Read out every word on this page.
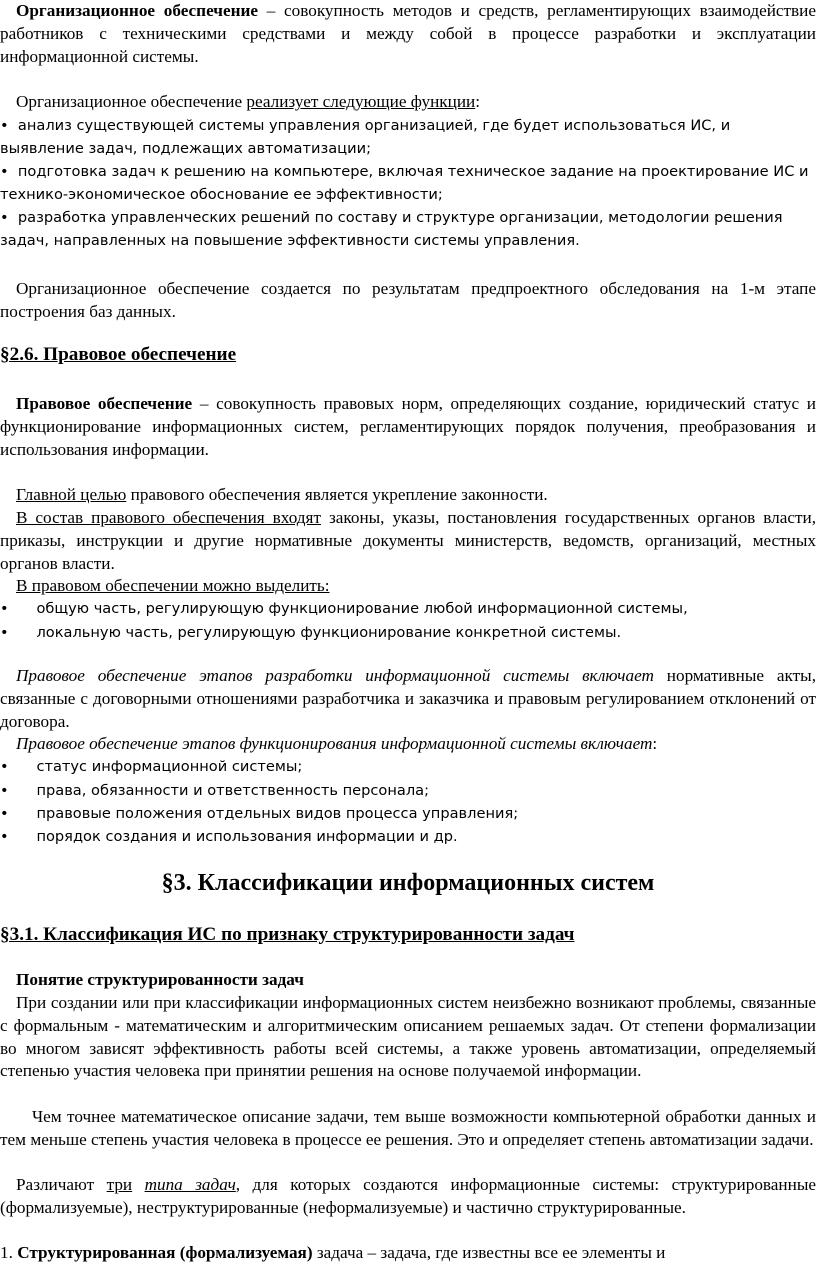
Организационное обеспечение – совокупность методов и средств, регламентирующих взаимодействие работников с техническими средствами и между собой в процессе разработки и эксплуатации информационной системы.

Организационное обеспечение реализует следующие функции:

•  анализ существующей системы управления организацией, где будет использоваться ИС, и выявление задач, подлежащих автоматизации;

•  подготовка задач к решению на компьютере, включая техническое задание на проектирование ИС и технико-экономическое обоснование ее эффективности;

•  разработка управленческих решений по составу и структуре организации, методологии решения задач, направленных на повышение эффективности системы управления.

Организационное обеспечение создается по результатам предпроектного обследования на 1-м этапе построения баз данных.

§2.6. Правовое обеспечение

Правовое обеспечение – совокупность правовых норм, определяющих создание, юридический статус и функционирование информационных систем, регламентирующих порядок получения, преобразования и использования информации.

Главной целью правового обеспечения является укрепление законности.

В состав правового обеспечения входят законы, указы, постановления государственных органов власти, приказы, инструкции и другие нормативные документы министерств, ведомств, организаций, местных органов власти.

В правовом обеспечении можно выделить:

•      общую часть, регулирующую функционирование любой информационной системы,

•      локальную часть, регулирующую функционирование конкретной системы.

Правовое обеспечение этапов разработки информационной системы включает нормативные акты, связанные с договорными отношениями разработчика и заказчика и правовым регулированием отклонений от договора.

Правовое обеспечение этапов функционирования информационной системы включает:

•      статус информационной системы;

•      права, обязанности и ответственность персонала;

•      правовые положения отдельных видов процесса управления;

•      порядок создания и использования информации и др.

§3. Классификации информационных систем
§3.1. Классификация ИС по признаку структурированности задач

Понятие структурированности задач

При создании или при классификации информационных систем неизбежно возникают проблемы, связанные с формальным - математическим и алгоритмическим описанием решаемых задач. От степени формализации во многом зависят эффективность работы всей системы, а также уровень автоматизации, определяемый степенью участия человека при принятии решения на основе получаемой информации.

Чем точнее математическое описание задачи, тем выше возможности компьютерной обработки данных и тем меньше степень участия человека в процессе ее решения. Это и определяет степень автоматизации задачи.

Различают три типа задач, для которых создаются информационные системы: структурированные (формализуемые), неструктурированные (неформализуемые) и частично структурированные.

1. Структурированная (формализуемая) задача – задача, где известны все ее элементы и
